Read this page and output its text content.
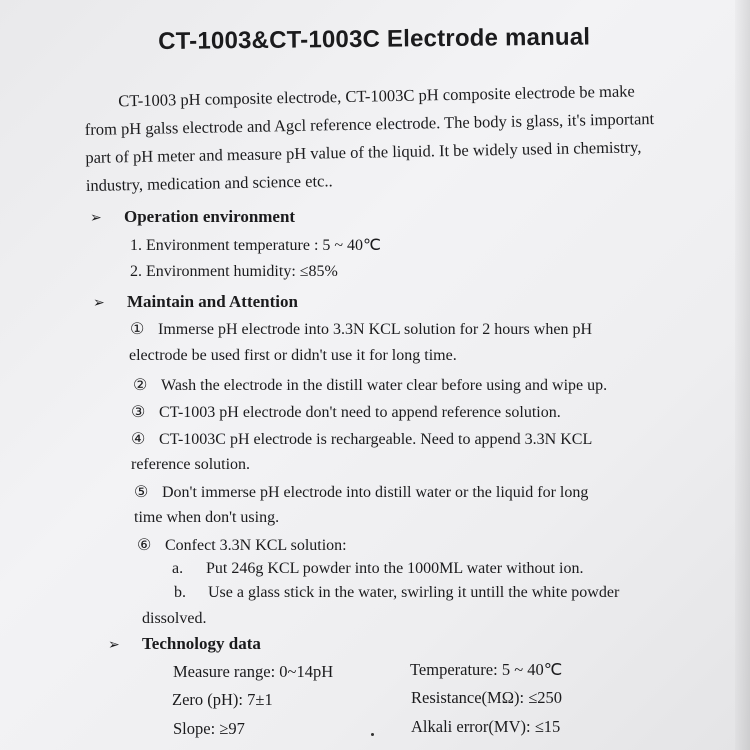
CT-1003&CT-1003C Electrode manual
CT-1003 pH composite electrode, CT-1003C pH composite electrode be make
from pH galss electrode and Agcl reference electrode. The body is glass, it's important
part of pH meter and measure pH value of the liquid. It be widely used in chemistry,
industry, medication and science etc..
➢ Operation environment
1. Environment temperature : 5 ~ 40℃
2. Environment humidity: ≤85%
➢ Maintain and Attention
① Immerse pH electrode into 3.3N KCL solution for 2 hours when pH
electrode be used first or didn't use it for long time.
② Wash the electrode in the distill water clear before using and wipe up.
③ CT-1003 pH electrode don't need to append reference solution.
④ CT-1003C pH electrode is rechargeable. Need to append 3.3N KCL
reference solution.
⑤ Don't immerse pH electrode into distill water or the liquid for long
time when don't using.
⑥ Confect 3.3N KCL solution:
a. Put 246g KCL powder into the 1000ML water without ion.
b. Use a glass stick in the water, swirling it untill the white powder
dissolved.
➢ Technology data
Measure range: 0~14pH
Zero (pH): 7±1
Slope: ≥97
Temperature: 5 ~ 40℃
Resistance(MΩ): ≤250
Alkali error(MV): ≤15
